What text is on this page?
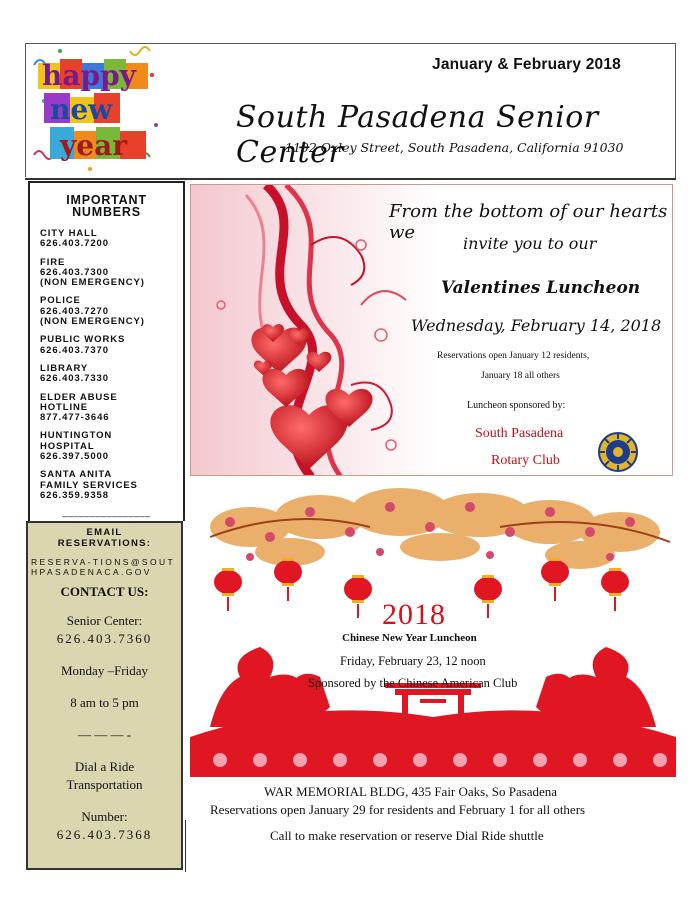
happy
new
year
January & February 2018
South Pasadena Senior Center
1102 Oxley Street, South Pasadena, California 91030
IMPORTANT
NUMBERS
CITY HALL
626.403.7200
FIRE
626.403.7300
(NON EMERGENCY)
POLICE
626.403.7270
(NON EMERGENCY)
PUBLIC WORKS
626.403.7370
LIBRARY
626.403.7330
ELDER ABUSE
HOTLINE
877.477-3646
HUNTINGTON
HOSPITAL
626.397.5000
SANTA ANITA
FAMILY SERVICES
626.359.9358
________________
EMAIL
RESERVATIONS:
RESERVA-TIONS@SOUTHPASADENACA.GOV
CONTACT US:
Senior Center:
626.403.7360
Monday –Friday
8 am to 5 pm
— — — -
Dial a Ride
Transportation
Number:
626.403.7368
From the bottom of our hearts we
invite you to our
Valentines Luncheon
Wednesday, February 14, 2018
Reservations open January 12 residents,
January 18 all others
Luncheon sponsored by:
South Pasadena
Rotary Club
2018
Chinese New Year Luncheon
Friday, February 23, 12 noon
Sponsored by the Chinese American Club
WAR MEMORIAL BLDG, 435 Fair Oaks, So Pasadena
Reservations open January 29 for residents and February 1 for all others
Call to make reservation or reserve Dial Ride shuttle
